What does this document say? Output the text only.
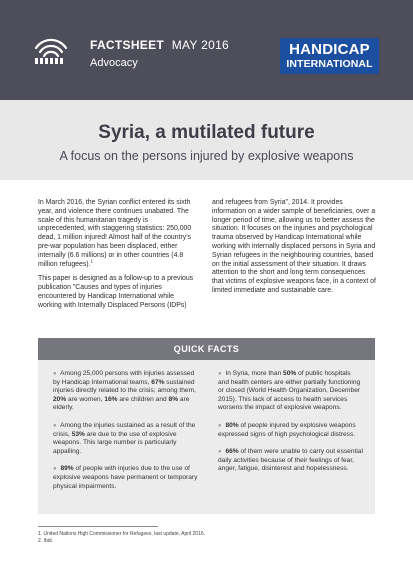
FACTSHEET MAY 2016
Advocacy
HANDICAP
INTERNATIONAL
Syria, a mutilated future
A focus on the persons injured by explosive weapons

In March 2016, the Syrian conflict entered its sixth year, and violence there continues unabated. The scale of this humanitarian tragedy is unprecedented, with staggering statistics: 250,000 dead, 1 million injured! Almost half of the country's pre-war population has been displaced, either internally (6.6 millions) or in other countries (4.8 million refugees).$^1$

This paper is designed as a follow-up to a previous publication "Causes and types of injuries encountered by Handicap International while working with Internally Displaced Persons (IDPs)

and refugees from Syria", 2014. It provides information on a wider sample of beneficiaries, over a longer period of time, allowing us to better assess the situation. It focuses on the injuries and psychological trauma observed by Handicap International while working with internally displaced persons in Syria and Syrian refugees in the neighbouring countries, based on the initial assessment of their situation. It draws attention to the short and long term consequences that victims of explosive weapons face, in a context of limited immediate and sustainable care.

QUICK FACTS
● Among 25,000 persons with injuries assessed by Handicap International teams, 67% sustained injuries directly related to the crisis; among them, 20% are women, 16% are children and 8% are elderly.
● Among the injuries sustained as a result of the crisis, 53% are due to the use of explosive weapons. This large number is particularly appalling.
● 89% of people with injuries due to the use of explosive weapons have permanent or temporary physical impairments.
● In Syria, more than 50% of public hospitals and health centers are either partially functioning or closed (World Health Organization, December 2015). This lack of access to health services worsens the impact of explosive weapons.
● 80% of people injured by explosive weapons expressed signs of high psychological distress.
● 66% of them were unable to carry out essential daily activities because of their feelings of fear, anger, fatigue, disinterest and hopelessness.
1. United Nations High Commissioner for Refugees, last update, April 2016.
2. Ibid.
